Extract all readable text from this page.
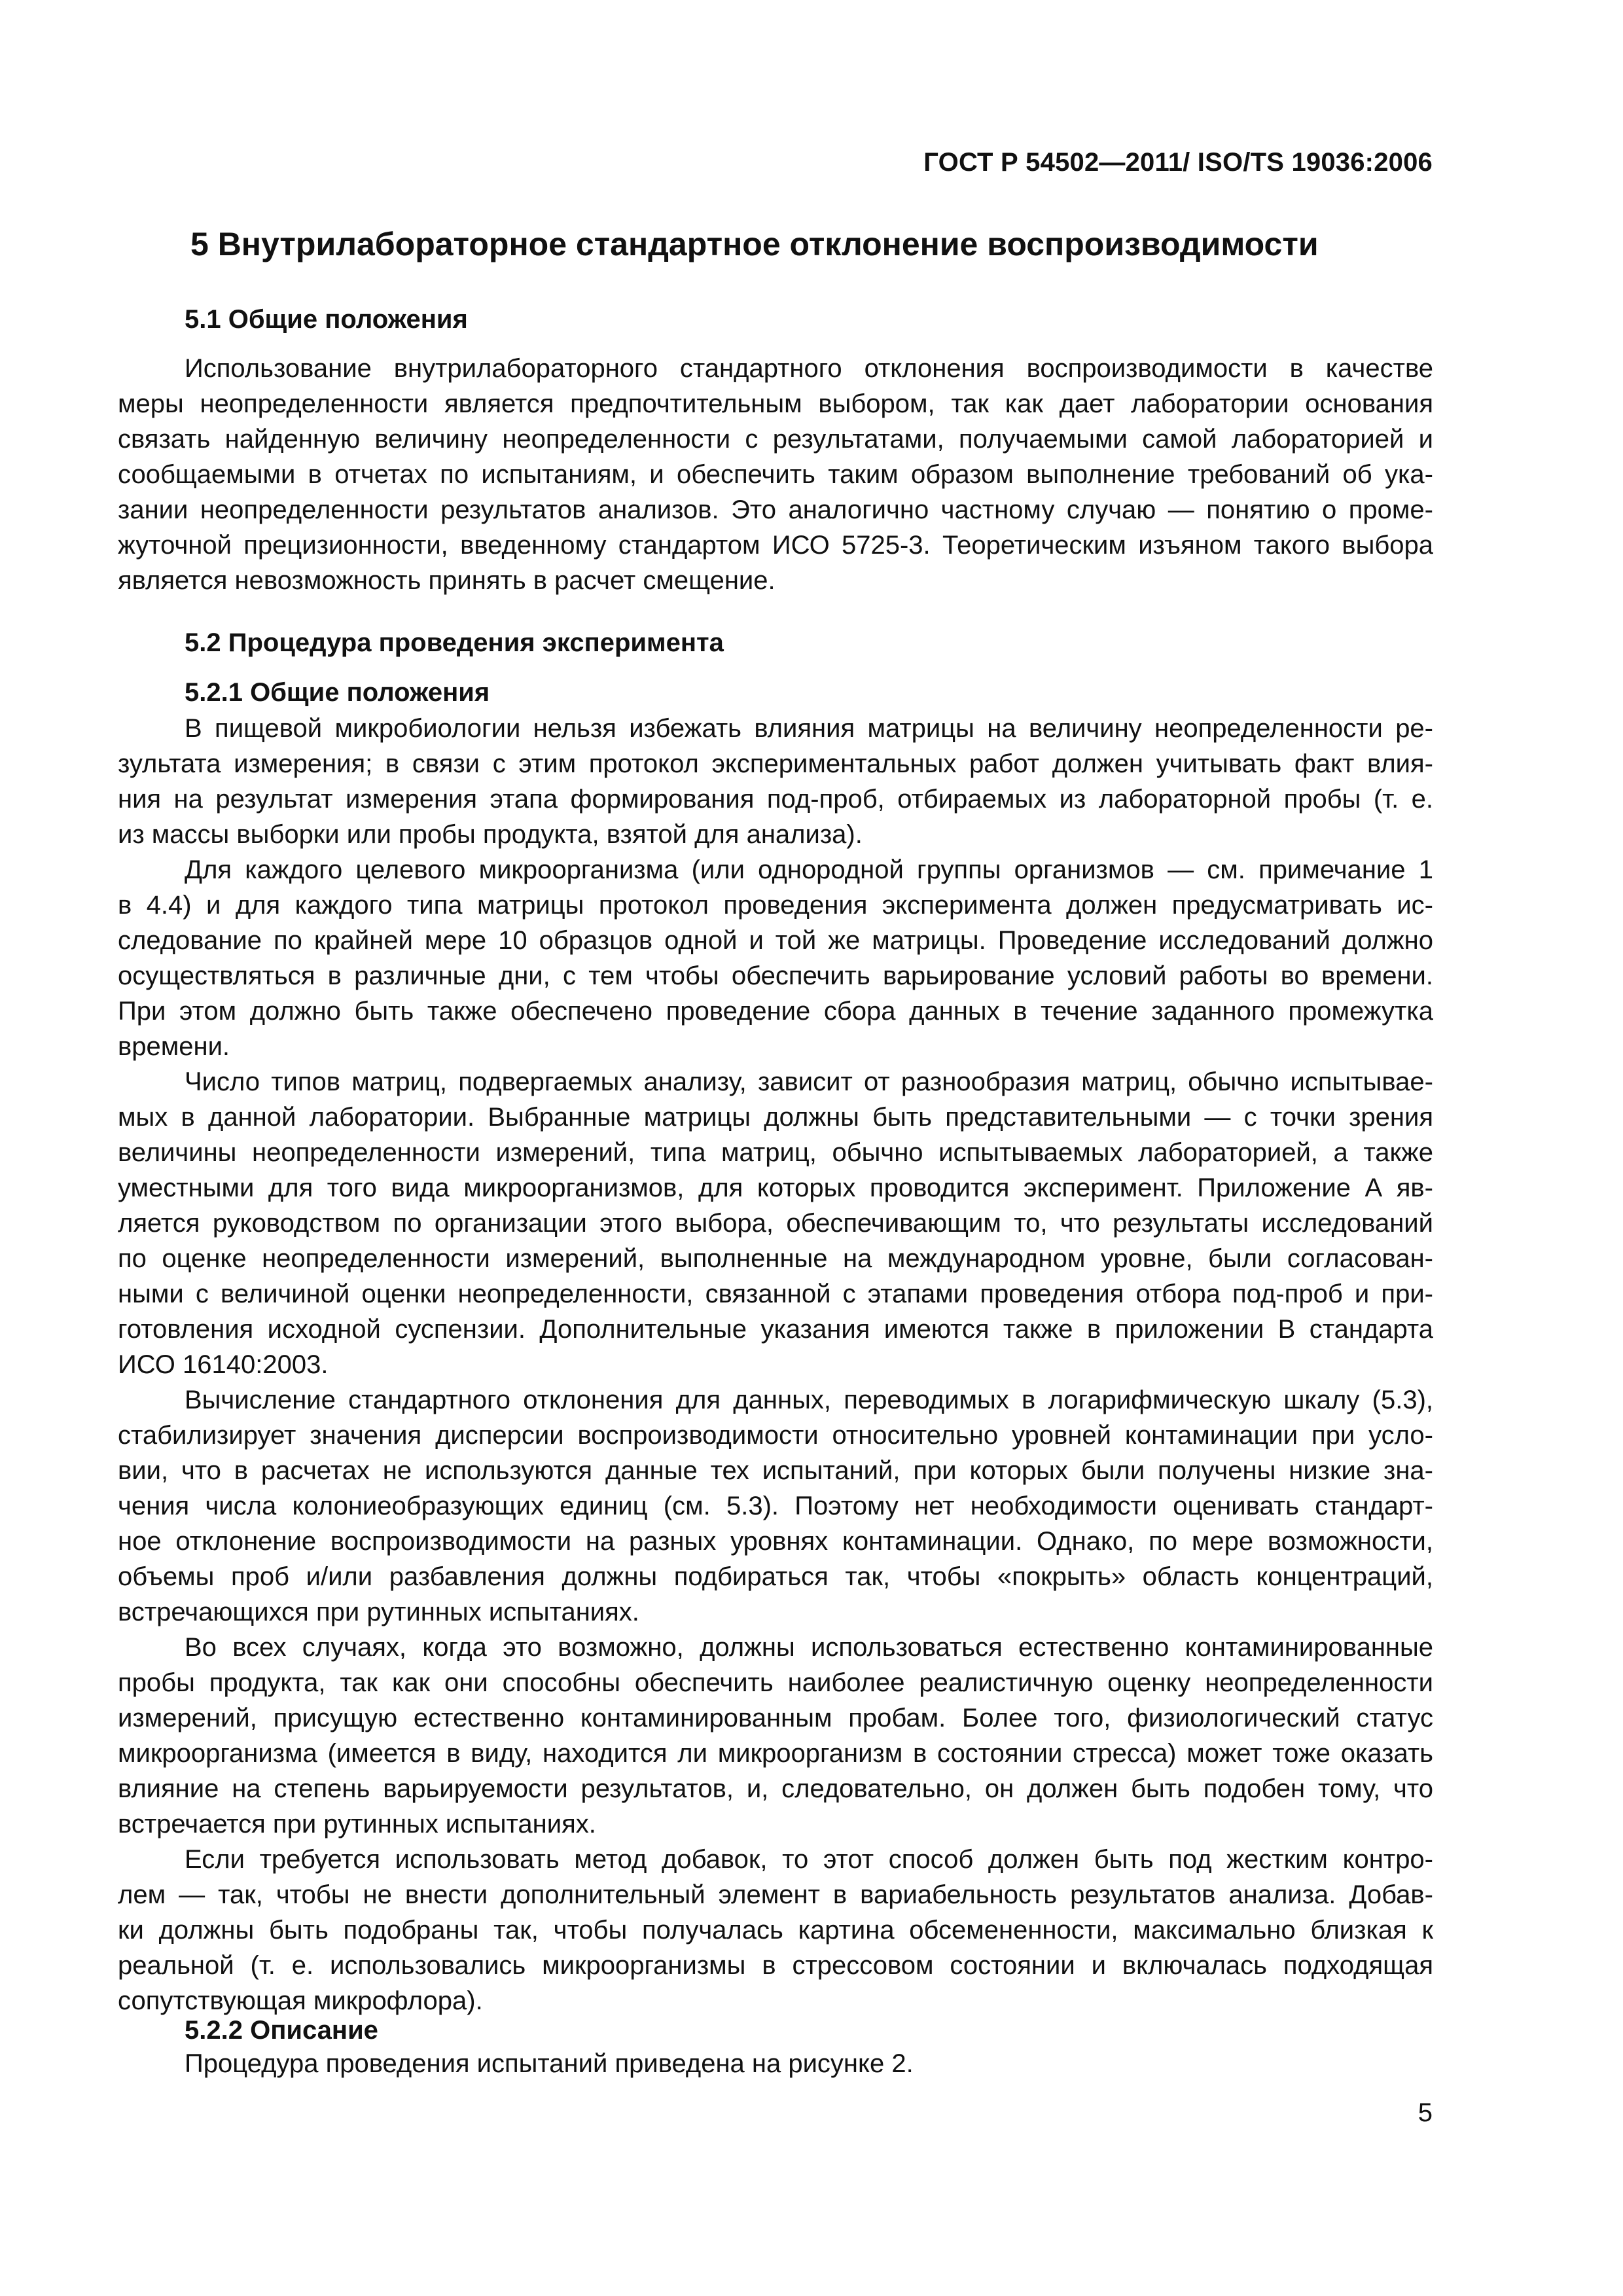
ГОСТ Р 54502—2011/ ISO/TS 19036:2006
5 Внутрилабораторное стандартное отклонение воспроизводимости
5.1 Общие положения
Использование внутрилабораторного стандартного отклонения воспроизводимости в качестве
меры неопределенности является предпочтительным выбором, так как дает лаборатории основания
связать найденную величину неопределенности с результатами, получаемыми самой лабораторией и
сообщаемыми в отчетах по испытаниям, и обеспечить таким образом выполнение требований об ука-
зании неопределенности результатов анализов. Это аналогично частному случаю — понятию о проме-
жуточной прецизионности, введенному стандартом ИСО 5725-3. Теоретическим изъяном такого выбора
является невозможность принять в расчет смещение.
5.2 Процедура проведения эксперимента
5.2.1 Общие положения
В пищевой микробиологии нельзя избежать влияния матрицы на величину неопределенности ре-
зультата измерения; в связи с этим протокол экспериментальных работ должен учитывать факт влия-
ния на результат измерения этапа формирования под-проб, отбираемых из лабораторной пробы (т. е.
из массы выборки или пробы продукта, взятой для анализа).
Для каждого целевого микроорганизма (или однородной группы организмов — см. примечание 1
в 4.4) и для каждого типа матрицы протокол проведения эксперимента должен предусматривать ис-
следование по крайней мере 10 образцов одной и той же матрицы. Проведение исследований должно
осуществляться в различные дни, с тем чтобы обеспечить варьирование условий работы во времени.
При этом должно быть также обеспечено проведение сбора данных в течение заданного промежутка
времени.
Число типов матриц, подвергаемых анализу, зависит от разнообразия матриц, обычно испытывае-
мых в данной лаборатории. Выбранные матрицы должны быть представительными — с точки зрения
величины неопределенности измерений, типа матриц, обычно испытываемых лабораторией, а также
уместными для того вида микроорганизмов, для которых проводится эксперимент. Приложение А яв-
ляется руководством по организации этого выбора, обеспечивающим то, что результаты исследований
по оценке неопределенности измерений, выполненные на международном уровне, были согласован-
ными с величиной оценки неопределенности, связанной с этапами проведения отбора под-проб и при-
готовления исходной суспензии. Дополнительные указания имеются также в приложении В стандарта
ИСО 16140:2003.
Вычисление стандартного отклонения для данных, переводимых в логарифмическую шкалу (5.3),
стабилизирует значения дисперсии воспроизводимости относительно уровней контаминации при усло-
вии, что в расчетах не используются данные тех испытаний, при которых были получены низкие зна-
чения числа колониеобразующих единиц (см. 5.3). Поэтому нет необходимости оценивать стандарт-
ное отклонение воспроизводимости на разных уровнях контаминации. Однако, по мере возможности,
объемы проб и/или разбавления должны подбираться так, чтобы «покрыть» область концентраций,
встречающихся при рутинных испытаниях.
Во всех случаях, когда это возможно, должны использоваться естественно контаминированные
пробы продукта, так как они способны обеспечить наиболее реалистичную оценку неопределенности
измерений, присущую естественно контаминированным пробам. Более того, физиологический статус
микроорганизма (имеется в виду, находится ли микроорганизм в состоянии стресса) может тоже оказать
влияние на степень варьируемости результатов, и, следовательно, он должен быть подобен тому, что
встречается при рутинных испытаниях.
Если требуется использовать метод добавок, то этот способ должен быть под жестким контро-
лем — так, чтобы не внести дополнительный элемент в вариабельность результатов анализа. Добав-
ки должны быть подобраны так, чтобы получалась картина обсемененности, максимально близкая к
реальной (т. е. использовались микроорганизмы в стрессовом состоянии и включалась подходящая
сопутствующая микрофлора).
5.2.2 Описание
Процедура проведения испытаний приведена на рисунке 2.
5
